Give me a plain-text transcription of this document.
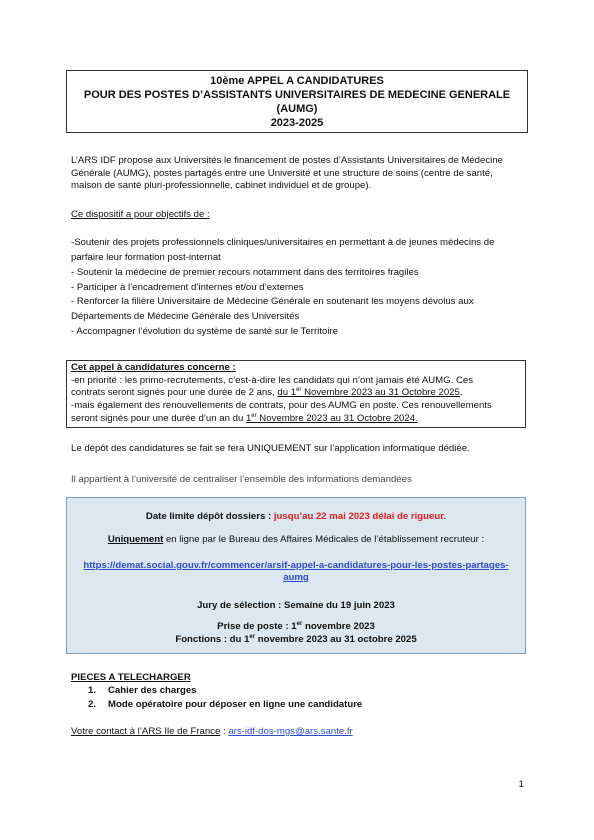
10ème APPEL A CANDIDATURES
POUR DES POSTES D’ASSISTANTS UNIVERSITAIRES DE MEDECINE GENERALE
(AUMG)
2023-2025
L’ARS IDF propose aux Universités le financement de postes d’Assistants Universitaires de Médecine
Générale (AUMG), postes partagés entre une Université et une structure de soins (centre de santé,
maison de santé pluri-professionnelle, cabinet individuel et de groupe).
Ce dispositif a pour objectifs de :
-Soutenir des projets professionnels cliniques/universitaires en permettant à de jeunes médecins de
parfaire leur formation post-internat
- Soutenir la médecine de premier recours notamment dans des territoires fragiles
- Participer à l’encadrement d’internes et/ou d’externes
- Renforcer la filière Universitaire de Médecine Générale en soutenant les moyens dévolus aux
Départements de Médecine Générale des Universités
- Accompagner l’évolution du système de santé sur le Territoire
Cet appel à candidatures concerne :
-en priorité : les primo-recrutements, c’est-à-dire les candidats qui n’ont jamais été AUMG. Ces
contrats seront signés pour une durée de 2 ans, du 1er Novembre 2023 au 31 Octobre 2025.
-mais également des renouvellements de contrats, pour des AUMG en poste. Ces renouvellements
seront signés pour une durée d’un an du 1er Novembre 2023 au 31 Octobre 2024.
Le dépôt des candidatures se fait se fera UNIQUEMENT sur l’application informatique dédiée.
Il appartient à l’université de centraliser l’ensemble des informations demandées
Date limite dépôt dossiers : jusqu’au 22 mai 2023 délai de rigueur.
Uniquement en ligne par le Bureau des Affaires Médicales de l’établissement recruteur :
https://demat.social.gouv.fr/commencer/arsif-appel-a-candidatures-pour-les-postes-partages-
aumg
Jury de sélection : Semaine du 19 juin 2023
Prise de poste : 1er novembre 2023
Fonctions : du 1er novembre 2023 au 31 octobre 2025
PIECES A TELECHARGER
1. Cahier des charges
2. Mode opératoire pour déposer en ligne une candidature
Votre contact à l’ARS Ile de France : ars-idf-dos-mgs@ars.sante.fr
1
